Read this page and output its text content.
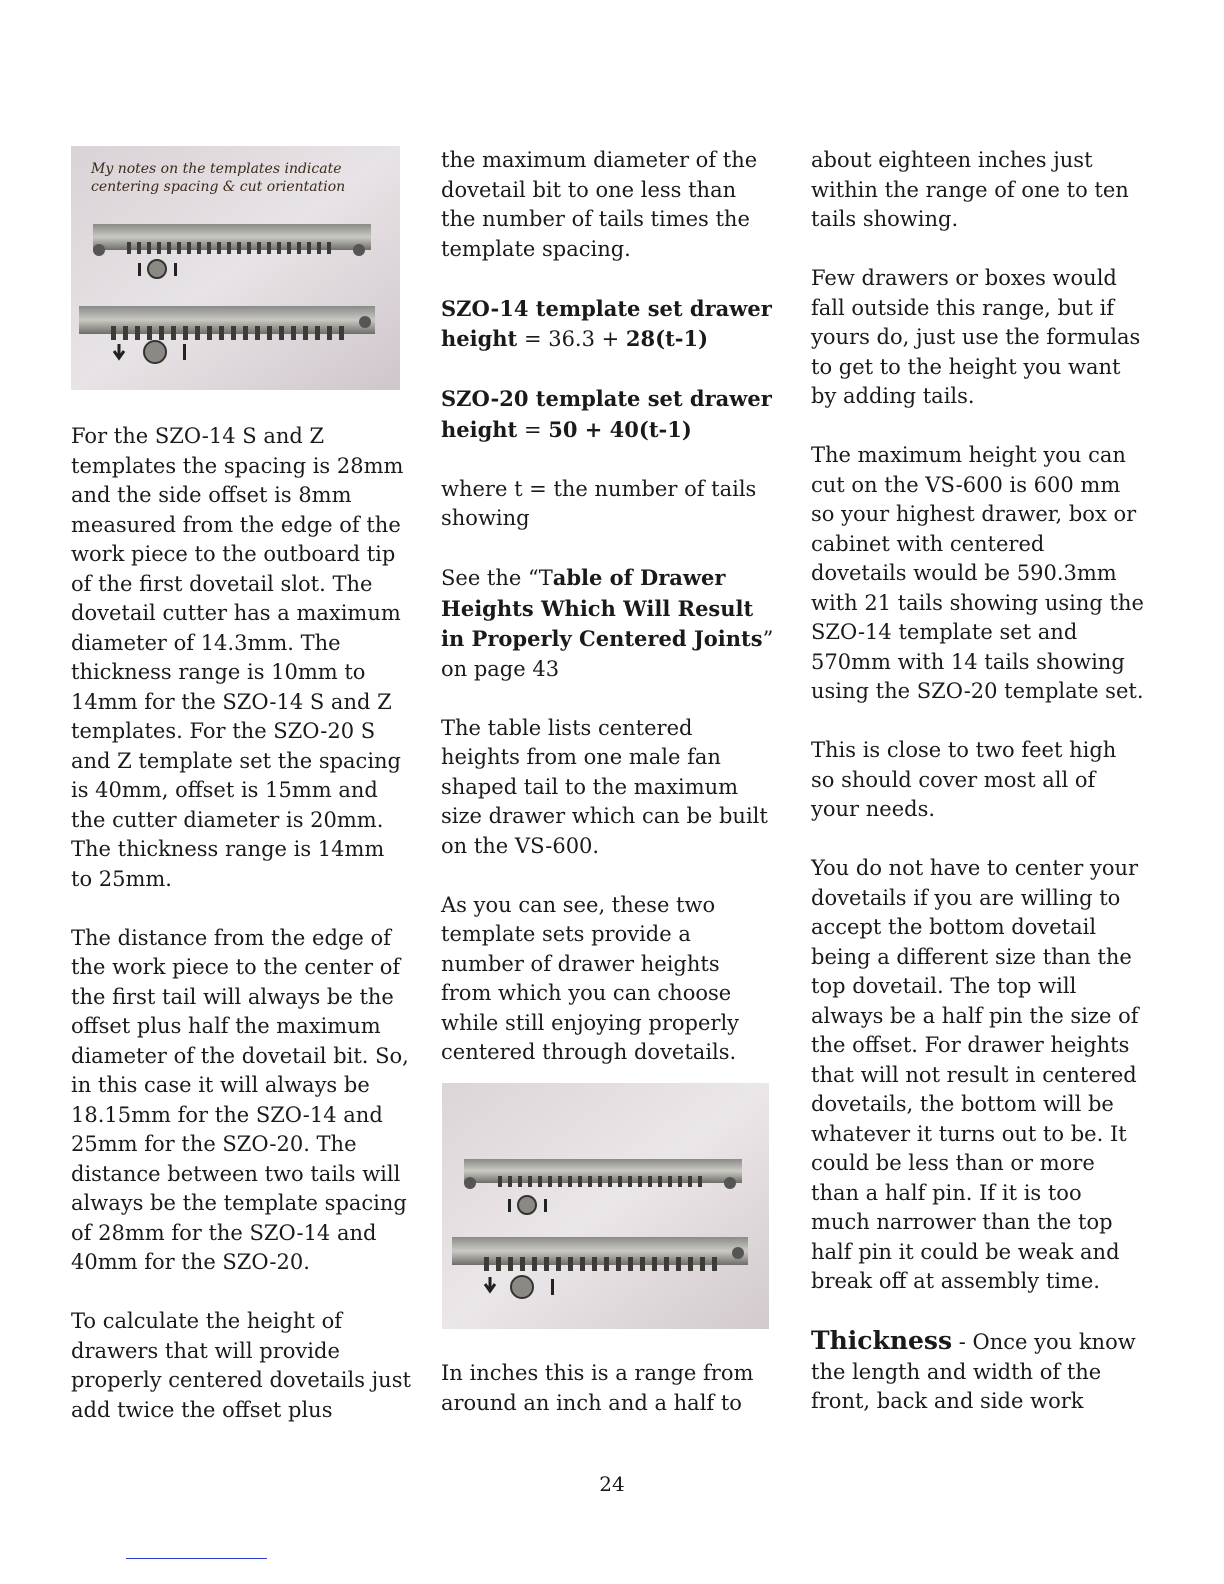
My notes on the templates indicate
centering spacing & cut orientation

For the SZO-14 S and Z templates the spacing is 28mm and the side offset is 8mm measured from the edge of the work piece to the outboard tip of the first dovetail slot. The dovetail cutter has a maximum diameter of 14.3mm. The thickness range is 10mm to 14mm for the SZO-14 S and Z templates. For the SZO-20 S and Z template set the spacing is 40mm, offset is 15mm and the cutter diameter is 20mm. The thickness range is 14mm to 25mm.

The distance from the edge of the work piece to the center of the first tail will always be the offset plus half the maximum diameter of the dovetail bit. So, in this case it will always be 18.15mm for the SZO-14 and 25mm for the SZO-20. The distance between two tails will always be the template spacing of 28mm for the SZO-14 and 40mm for the SZO-20.

To calculate the height of drawers that will provide properly centered dovetails just add twice the offset plus

the maximum diameter of the dovetail bit to one less than the number of tails times the template spacing.

SZO-14 template set drawer height = 36.3 + 28(t-1)

SZO-20 template set drawer height = 50 + 40(t-1)

where t = the number of tails showing

See the “Table of Drawer Heights Which Will Result in Properly Centered Joints” on page 43

The table lists centered heights from one male fan shaped tail to the maximum size drawer which can be built on the VS-600.

As you can see, these two template sets provide a number of drawer heights from which you can choose while still enjoying properly centered through dovetails.

In inches this is a range from around an inch and a half to

about eighteen inches just within the range of one to ten tails showing.

Few drawers or boxes would fall outside this range, but if yours do, just use the formulas to get to the height you want by adding tails.

The maximum height you can cut on the VS-600 is 600 mm so your highest drawer, box or cabinet with centered dovetails would be 590.3mm with 21 tails showing using the SZO-14 template set and 570mm with 14 tails showing using the SZO-20 template set.

This is close to two feet high so should cover most all of your needs.

You do not have to center your dovetails if you are willing to accept the bottom dovetail being a different size than the top dovetail. The top will always be a half pin the size of the offset. For drawer heights that will not result in centered dovetails, the bottom will be whatever it turns out to be. It could be less than or more than a half pin. If it is too much narrower than the top half pin it could be weak and break off at assembly time.

Thickness - Once you know the length and width of the front, back and side work

24
